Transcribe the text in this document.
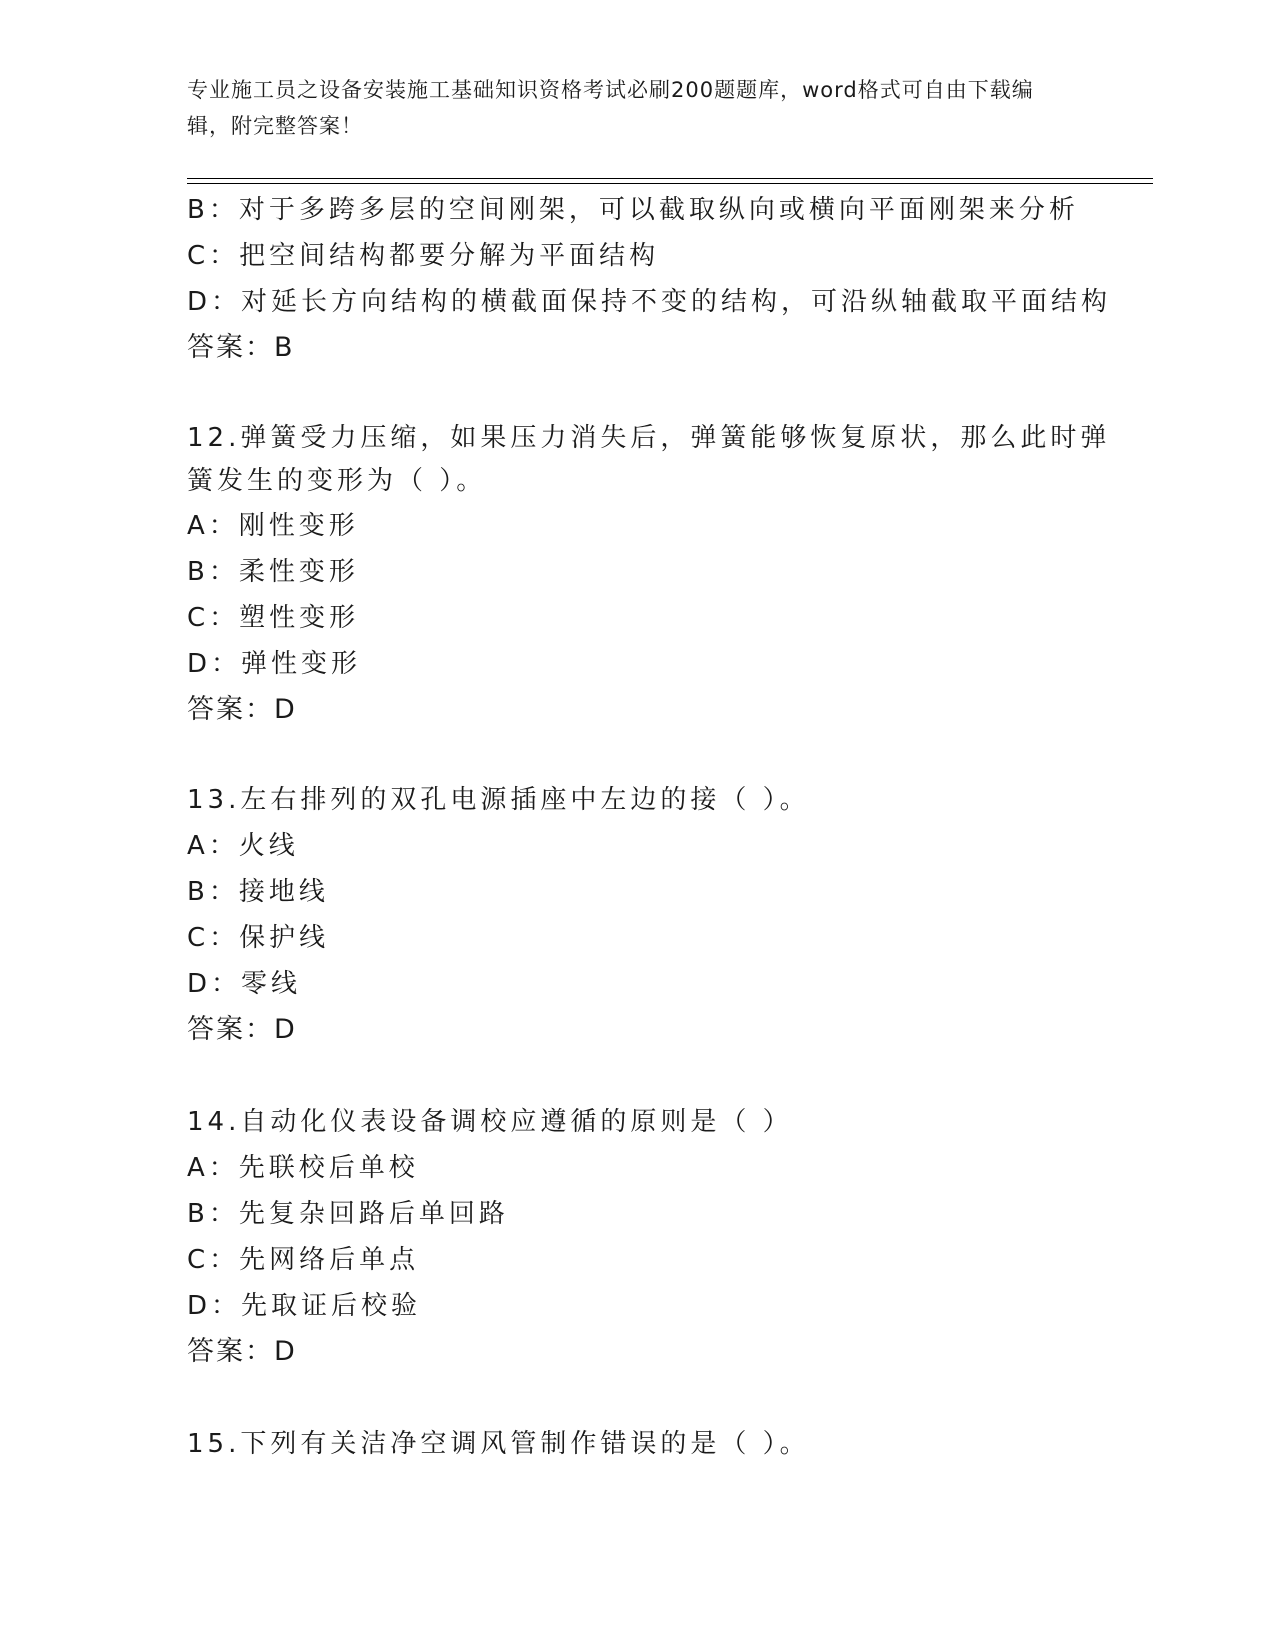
专业施工员之设备安装施工基础知识资格考试必刷200题题库，word格式可自由下载编辑，附完整答案！
B：对于多跨多层的空间刚架，可以截取纵向或横向平面刚架来分析
C：把空间结构都要分解为平面结构
D：对延长方向结构的横截面保持不变的结构，可沿纵轴截取平面结构
答案：B
12.弹簧受力压缩，如果压力消失后，弹簧能够恢复原状，那么此时弹
簧发生的变形为（ ）。
A：刚性变形
B：柔性变形
C：塑性变形
D：弹性变形
答案：D
13.左右排列的双孔电源插座中左边的接（ ）。
A：火线
B：接地线
C：保护线
D：零线
答案：D
14.自动化仪表设备调校应遵循的原则是（ ）
A：先联校后单校
B：先复杂回路后单回路
C：先网络后单点
D：先取证后校验
答案：D
15.下列有关洁净空调风管制作错误的是（ ）。
